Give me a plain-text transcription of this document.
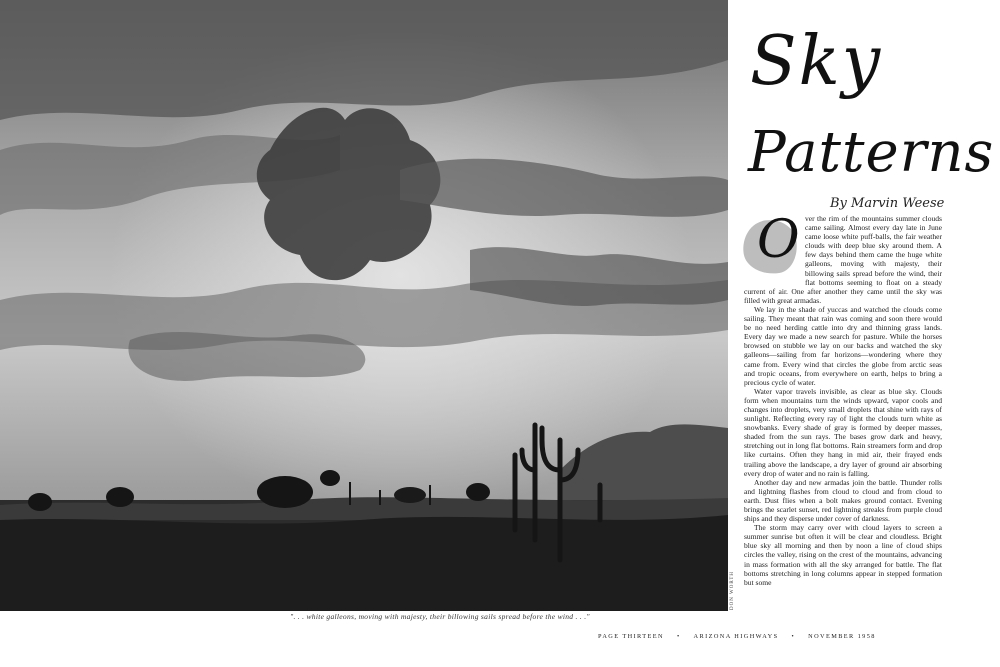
DON WORTH
Sky
Patterns
By Marvin Weese
O ver the rim of the mountains summer clouds came sailing. Almost every day late in June came loose white puff-balls, the fair weather clouds with deep blue sky around them. A few days behind them came the huge white galleons, moving with majesty, their billowing sails spread before the wind, their flat bottoms seeming to float on a steady current of air. One after another they came until the sky was filled with great armadas.

We lay in the shade of yuccas and watched the clouds come sailing. They meant that rain was coming and soon there would be no need herding cattle into dry and thinning grass lands. Every day we made a new search for pasture. While the horses browsed on stubble we lay on our backs and watched the sky galleons—sailing from far horizons—wondering where they came from. Every wind that circles the globe from arctic seas and tropic oceans, from everywhere on earth, helps to bring a precious cycle of water.

Water vapor travels invisible, as clear as blue sky. Clouds form when mountains turn the winds upward, vapor cools and changes into droplets, very small droplets that shine with rays of sunlight. Reflecting every ray of light the clouds turn white as snowbanks. Every shade of gray is formed by deeper masses, shaded from the sun rays. The bases grow dark and heavy, stretching out in long flat bottoms. Rain streamers form and drop like curtains. Often they hang in mid air, their frayed ends trailing above the landscape, a dry layer of ground air absorbing every drop of water and no rain is falling.

Another day and new armadas join the battle. Thunder rolls and lightning flashes from cloud to cloud and from cloud to earth. Dust flies when a bolt makes ground contact. Evening brings the scarlet sunset, red lightning streaks from purple cloud ships and they disperse under cover of darkness.

The storm may carry over with cloud layers to screen a summer sunrise but often it will be clear and cloudless. Bright blue sky all morning and then by noon a line of cloud ships circles the valley, rising on the crest of the mountains, advancing in mass formation with all the sky arranged for battle. The flat bottoms stretching in long columns appear in stepped formation but some

". . . white galleons, moving with majesty, their billowing sails spread before the wind . . ."
PAGE THIRTEEN • ARIZONA HIGHWAYS • NOVEMBER 1958
